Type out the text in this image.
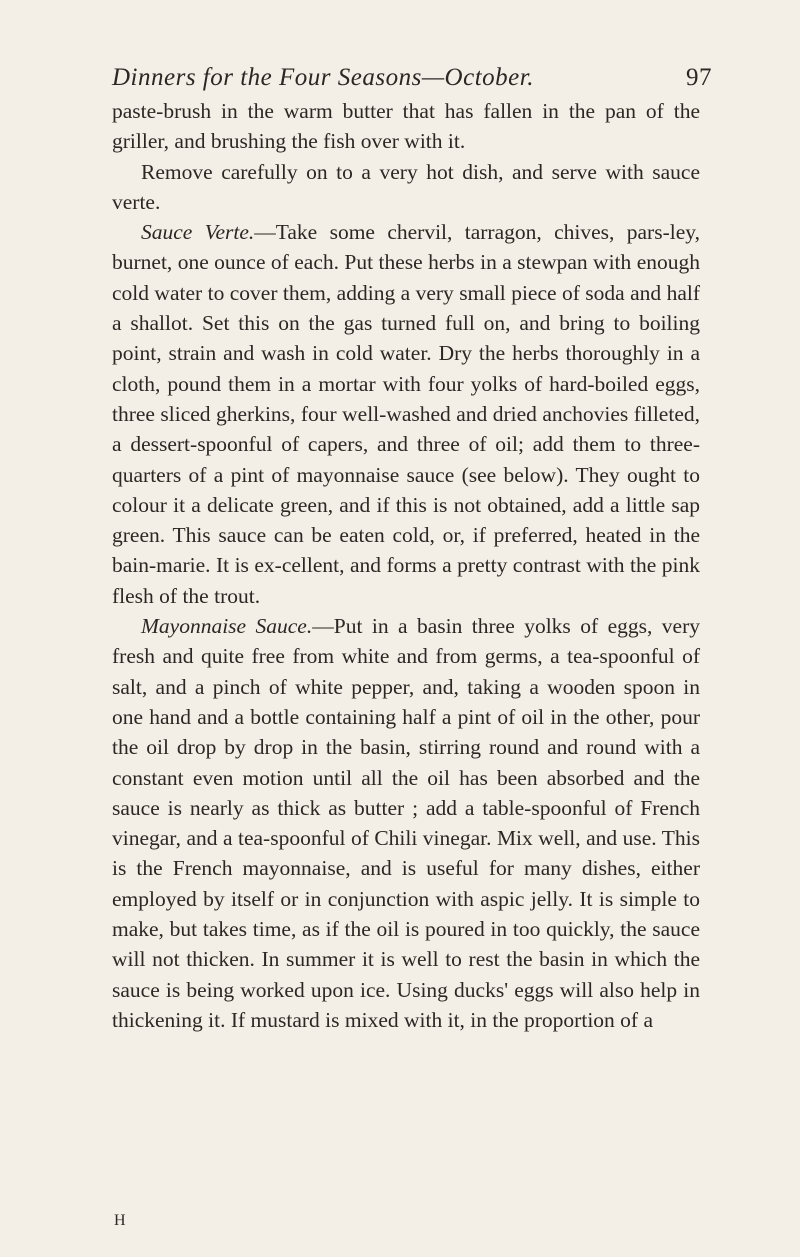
Dinners for the Four Seasons—October.	97

paste-brush in the warm butter that has fallen in the pan of the griller, and brushing the fish over with it.

Remove carefully on to a very hot dish, and serve with sauce verte.

Sauce Verte.—Take some chervil, tarragon, chives, pars-ley, burnet, one ounce of each. Put these herbs in a stewpan with enough cold water to cover them, adding a very small piece of soda and half a shallot. Set this on the gas turned full on, and bring to boiling point, strain and wash in cold water. Dry the herbs thoroughly in a cloth, pound them in a mortar with four yolks of hard-boiled eggs, three sliced gherkins, four well-washed and dried anchovies filleted, a dessert-spoonful of capers, and three of oil; add them to three-quarters of a pint of mayonnaise sauce (see below). They ought to colour it a delicate green, and if this is not obtained, add a little sap green. This sauce can be eaten cold, or, if preferred, heated in the bain-marie. It is ex-cellent, and forms a pretty contrast with the pink flesh of the trout.

Mayonnaise Sauce.—Put in a basin three yolks of eggs, very fresh and quite free from white and from germs, a tea-spoonful of salt, and a pinch of white pepper, and, taking a wooden spoon in one hand and a bottle containing half a pint of oil in the other, pour the oil drop by drop in the basin, stirring round and round with a constant even motion until all the oil has been absorbed and the sauce is nearly as thick as butter ; add a table-spoonful of French vinegar, and a tea-spoonful of Chili vinegar. Mix well, and use. This is the French mayonnaise, and is useful for many dishes, either employed by itself or in conjunction with aspic jelly. It is simple to make, but takes time, as if the oil is poured in too quickly, the sauce will not thicken. In summer it is well to rest the basin in which the sauce is being worked upon ice. Using ducks' eggs will also help in thickening it. If mustard is mixed with it, in the proportion of a

H
